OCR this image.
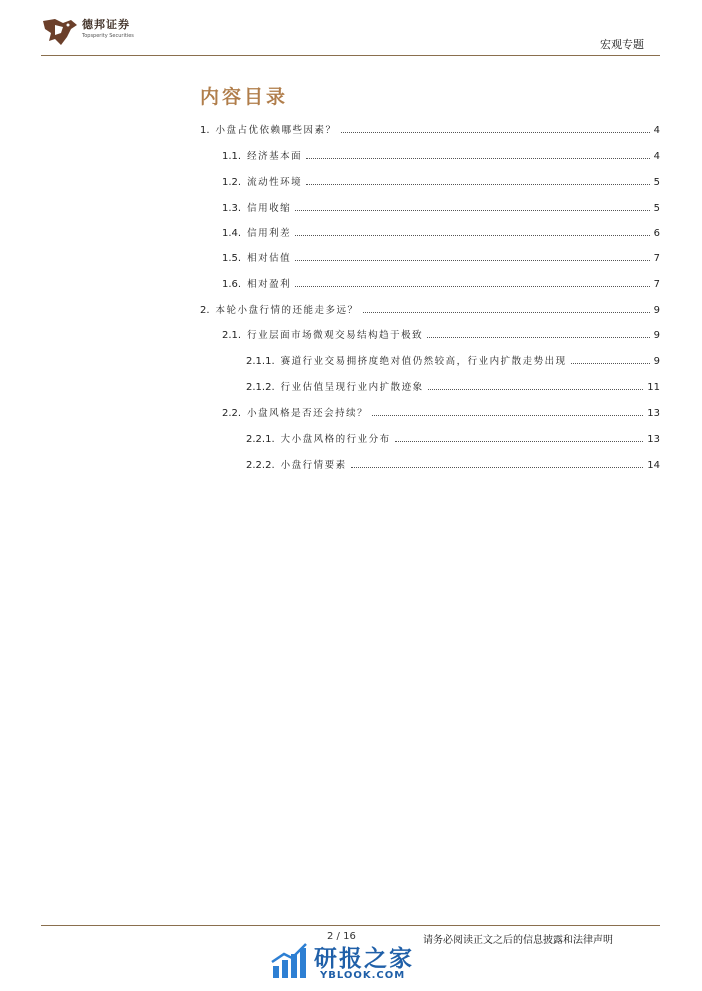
德邦证券
Topsperity Securities
宏观专题
内容目录
1. 小盘占优依赖哪些因素？	4
1.1. 经济基本面	4
1.2. 流动性环境	5
1.3. 信用收缩	5
1.4. 信用利差	6
1.5. 相对估值	7
1.6. 相对盈利	7
2. 本轮小盘行情的还能走多远？	9
2.1. 行业层面市场微观交易结构趋于极致	9
2.1.1. 赛道行业交易拥挤度绝对值仍然较高，行业内扩散走势出现	9
2.1.2. 行业估值呈现行业内扩散迹象	11
2.2. 小盘风格是否还会持续？	13
2.2.1. 大小盘风格的行业分布	13
2.2.2. 小盘行情要素	14
2 / 16	请务必阅读正文之后的信息披露和法律声明
研报之家
YBLOOK.COM
